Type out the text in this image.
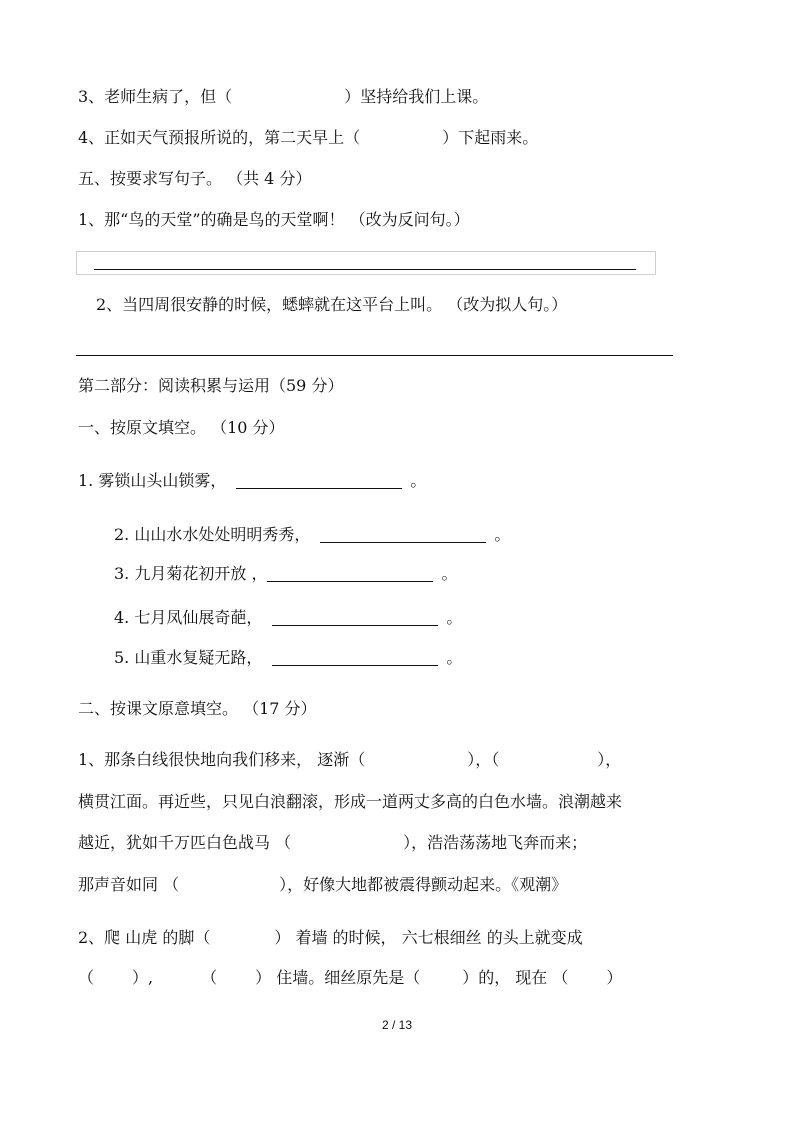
3、老师生病了，但（	）坚持给我们上课。

4、正如天气预报所说的，第二天早上（	）下起雨来。

五、按要求写句子。 （共 4 分）

1、那“鸟的天堂”的确是鸟的天堂啊！ （改为反问句。）

2、当四周很安静的时候，蟋蟀就在这平台上叫。 （改为拟人句。）

第二部分：阅读积累与运用（59 分）

一、按原文填空。 （10 分）

1. 雾锁山头山锁雾，	。

2. 山山水水处处明明秀秀，	。

3. 九月菊花初开放 ，	。

4. 七月凤仙展奇葩，	。

5. 山重水复疑无路，	。

二、按课文原意填空。 （17 分）

1、那条白线很快地向我们移来， 逐渐（	），（	），

横贯江面。再近些，只见白浪翻滚，形成一道两丈多高的白色水墙。浪潮越来

越近，犹如千万匹白色战马 （	），浩浩荡荡地飞奔而来；

那声音如同 （	），好像大地都被震得颤动起来。《观潮》

2、爬 山虎 的脚（	） 着墙 的时候， 六七根细丝 的头上就变成

（ ）,	（ ） 住墙。细丝原先是（	）的， 现在 （ ）

2 / 13
